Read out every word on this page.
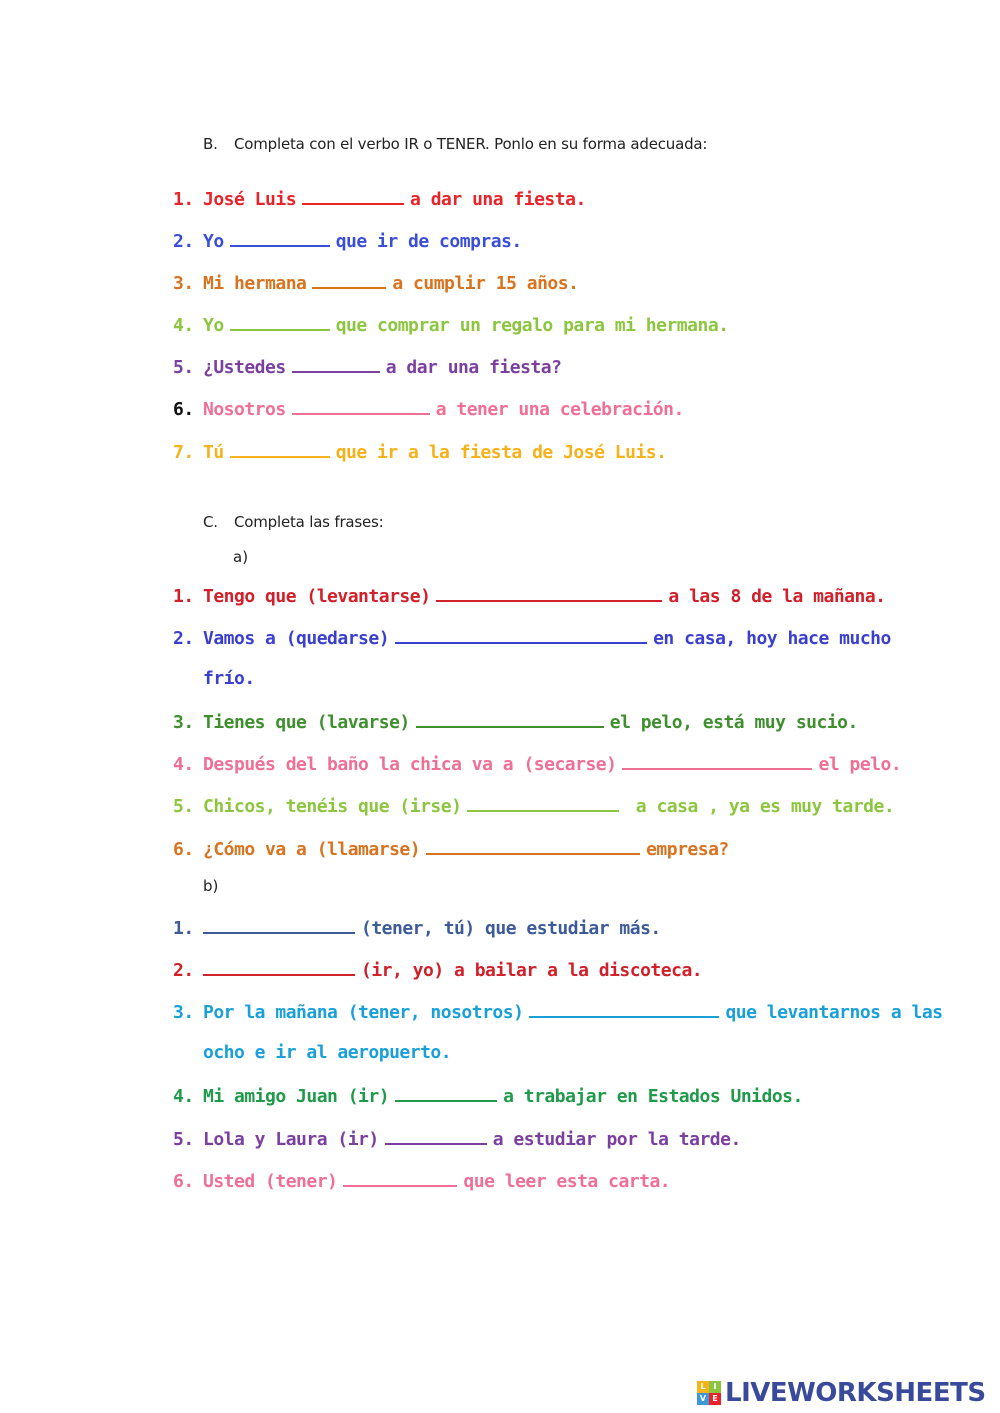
B. Completa con el verbo IR o TENER. Ponlo en su forma adecuada:
1. José Luis	a dar una fiesta.
2. Yo	que ir de compras.
3. Mi hermana	a cumplir 15 años.
4. Yo	que comprar un regalo para mi hermana.
5. ¿Ustedes	a dar una fiesta?
6. Nosotros	a tener una celebración.
7. Tú	que ir a la fiesta de José Luis.
C. Completa las frases:
a)
1. Tengo que (levantarse)	a las 8 de la mañana.
2. Vamos a (quedarse)	en casa, hoy hace mucho
frío.
3. Tienes que (lavarse)	el pelo, está muy sucio.
4. Después del baño la chica va a (secarse)	el pelo.
5. Chicos, tenéis que (irse)	a casa , ya es muy tarde.
6. ¿Cómo va a (llamarse)	empresa?
b)
1.	(tener, tú) que estudiar más.
2.	(ir, yo) a bailar a la discoteca.
3. Por la mañana (tener, nosotros)	que levantarnos a las
ocho e ir al aeropuerto.
4. Mi amigo Juan (ir)	a trabajar en Estados Unidos.
5. Lola y Laura (ir)	a estudiar por la tarde.
6. Usted (tener)	que leer esta carta.
L I
V E LIVEWORKSHEETS
